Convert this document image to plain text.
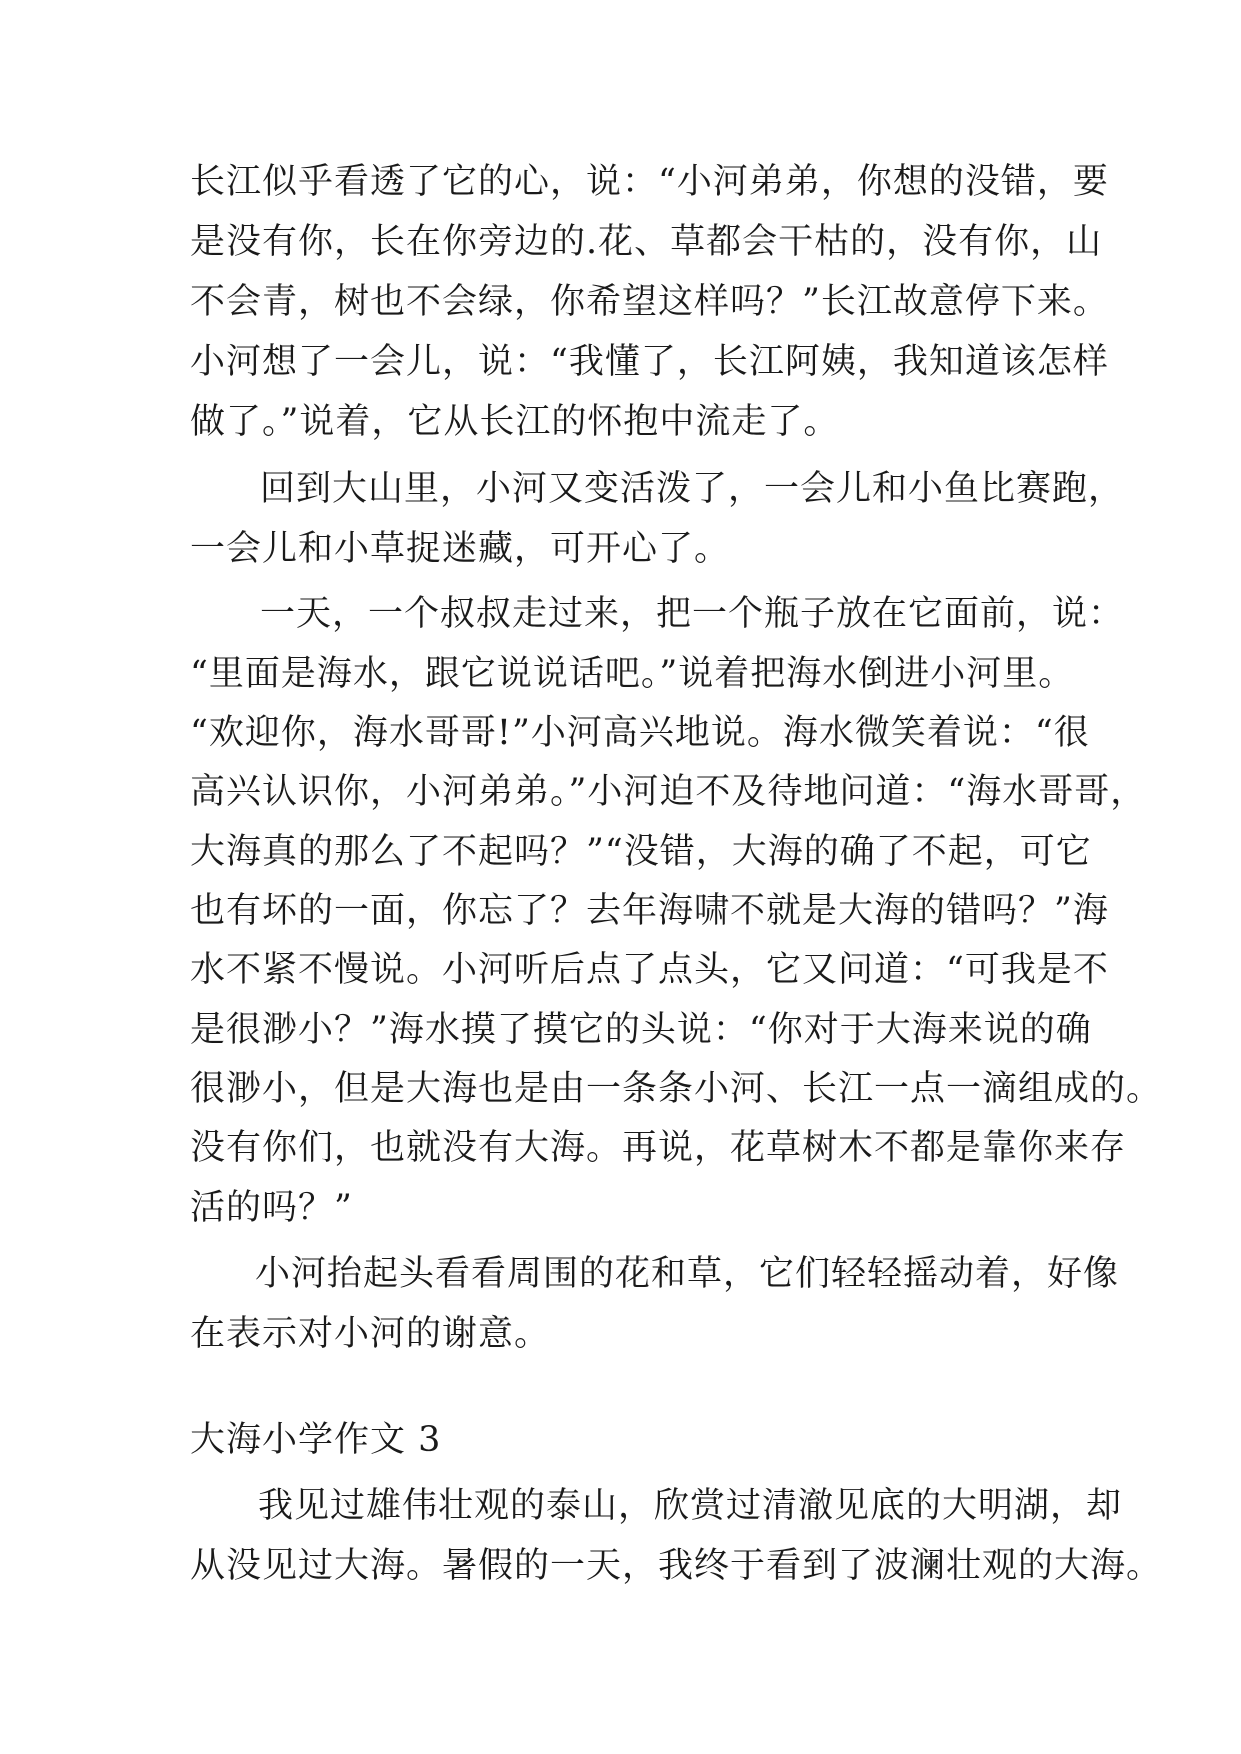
长江似乎看透了它的心，说：“小河弟弟，你想的没错，要
是没有你，长在你旁边的.花、草都会干枯的，没有你，山
不会青，树也不会绿，你希望这样吗？”长江故意停下来。
小河想了一会儿，说：“我懂了，长江阿姨，我知道该怎样
做了。”说着，它从长江的怀抱中流走了。
回到大山里，小河又变活泼了，一会儿和小鱼比赛跑，
一会儿和小草捉迷藏，可开心了。
一天，一个叔叔走过来，把一个瓶子放在它面前，说：
“里面是海水，跟它说说话吧。”说着把海水倒进小河里。
“欢迎你，海水哥哥!”小河高兴地说。海水微笑着说：“很
高兴认识你，小河弟弟。”小河迫不及待地问道：“海水哥哥，
大海真的那么了不起吗？”“没错，大海的确了不起，可它
也有坏的一面，你忘了？去年海啸不就是大海的错吗？”海
水不紧不慢说。小河听后点了点头，它又问道：“可我是不
是很渺小？”海水摸了摸它的头说：“你对于大海来说的确
很渺小，但是大海也是由一条条小河、长江一点一滴组成的。
没有你们，也就没有大海。再说，花草树木不都是靠你来存
活的吗？”
小河抬起头看看周围的花和草，它们轻轻摇动着，好像
在表示对小河的谢意。
大海小学作文 3
我见过雄伟壮观的泰山，欣赏过清澈见底的大明湖，却
从没见过大海。暑假的一天，我终于看到了波澜壮观的大海。
